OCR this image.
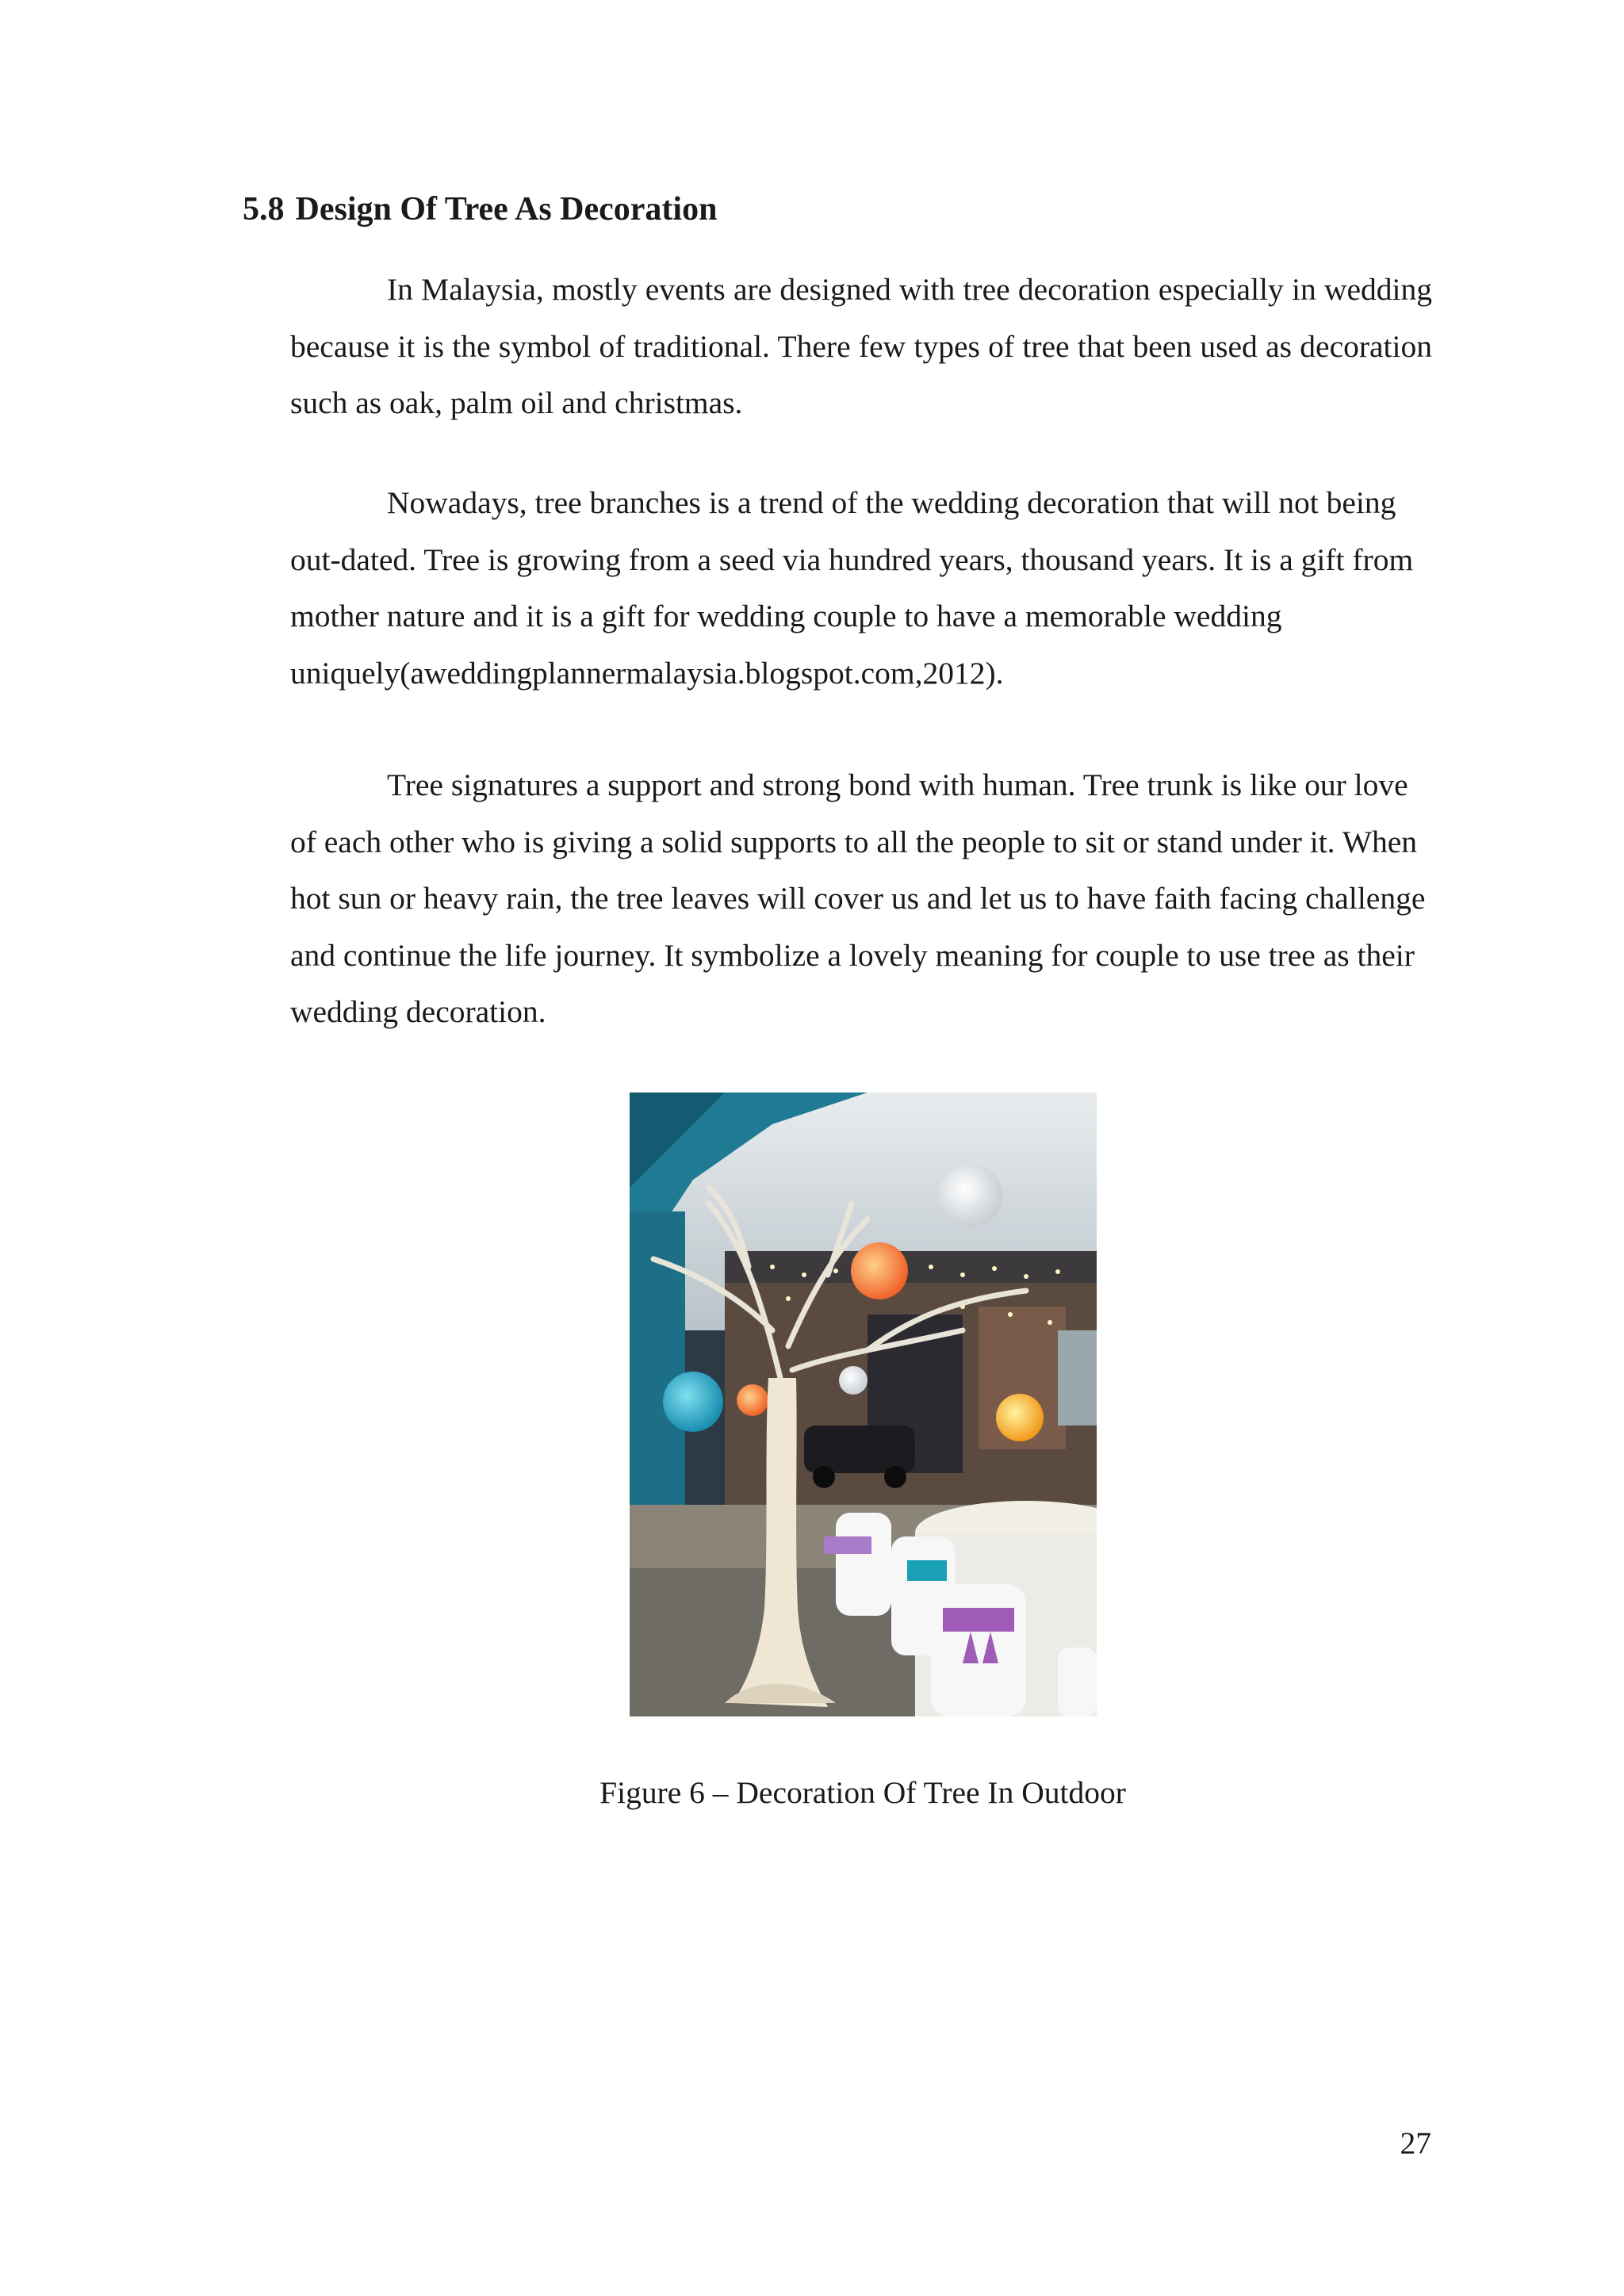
5.8 Design Of Tree As Decoration

In Malaysia, mostly events are designed with tree decoration especially in wedding because it is the symbol of traditional. There few types of tree that been used as decoration such as oak, palm oil and christmas.

Nowadays, tree branches is a trend of the wedding decoration that will not being out-dated. Tree is growing from a seed via hundred years, thousand years. It is a gift from mother nature and it is a gift for wedding couple to have a memorable wedding uniquely(aweddingplannermalaysia.blogspot.com,2012).

Tree signatures a support and strong bond with human. Tree trunk is like our love of each other who is giving a solid supports to all the people to sit or stand under it. When hot sun or heavy rain, the tree leaves will cover us and let us to have faith facing challenge and continue the life journey. It symbolize a lovely meaning for couple to use tree as their wedding decoration.

Figure 6 – Decoration Of Tree In Outdoor

27
